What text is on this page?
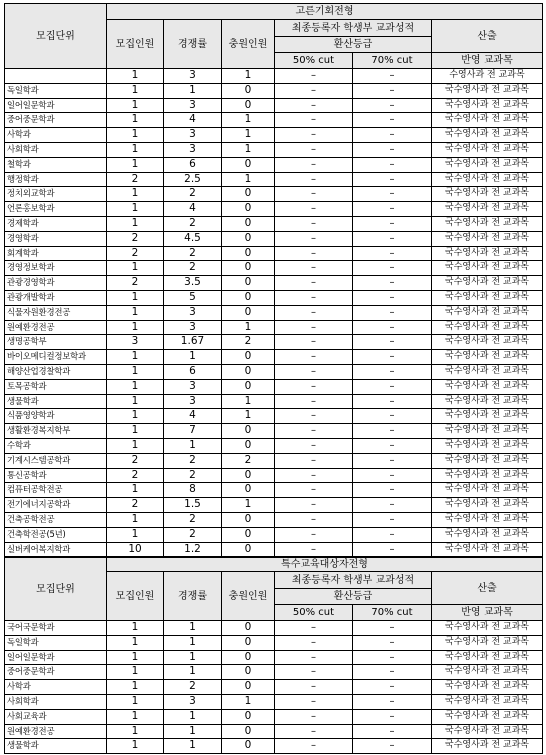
모집단위	고른기회전형					
	모집인원	경쟁률	충원인원	최종등록자 학생부 교과성적		산출
				환산등급		
				50% cut	70% cut	반영 교과목
	1	3	1	–	–	수영사과 전 교과목
독일학과	1	1	0	–	–	국수영사과 전 교과목
일어일문학과	1	3	0	–	–	국수영사과 전 교과목
중어중문학과	1	4	1	–	–	국수영사과 전 교과목
사학과	1	3	1	–	–	국수영사과 전 교과목
사회학과	1	3	1	–	–	국수영사과 전 교과목
철학과	1	6	0	–	–	국수영사과 전 교과목
행정학과	2	2.5	1	–	–	국수영사과 전 교과목
정치외교학과	1	2	0	–	–	국수영사과 전 교과목
언론홍보학과	1	4	0	–	–	국수영사과 전 교과목
경제학과	1	2	0	–	–	국수영사과 전 교과목
경영학과	2	4.5	0	–	–	국수영사과 전 교과목
회계학과	2	2	0	–	–	국수영사과 전 교과목
경영정보학과	1	2	0	–	–	국수영사과 전 교과목
관광경영학과	2	3.5	0	–	–	국수영사과 전 교과목
관광개발학과	1	5	0	–	–	국수영사과 전 교과목
식물자원환경전공	1	3	0	–	–	국수영사과 전 교과목
원예환경전공	1	3	1	–	–	국수영사과 전 교과목
생명공학부	3	1.67	2	–	–	국수영사과 전 교과목
바이오메디컬정보학과	1	1	0	–	–	국수영사과 전 교과목
해양산업경찰학과	1	6	0	–	–	국수영사과 전 교과목
토목공학과	1	3	0	–	–	국수영사과 전 교과목
생물학과	1	3	1	–	–	국수영사과 전 교과목
식품영양학과	1	4	1	–	–	국수영사과 전 교과목
생활환경복지학부	1	7	0	–	–	국수영사과 전 교과목
수학과	1	1	0	–	–	국수영사과 전 교과목
기계시스템공학과	2	2	2	–	–	국수영사과 전 교과목
통신공학과	2	2	0	–	–	국수영사과 전 교과목
컴퓨터공학전공	1	8	0	–	–	국수영사과 전 교과목
전기에너지공학과	2	1.5	1	–	–	국수영사과 전 교과목
건축공학전공	1	2	0	–	–	국수영사과 전 교과목
건축학전공(5년)	1	2	0	–	–	국수영사과 전 교과목
실버케어복지학과	10	1.2	0	–	–	국수영사과 전 교과목
모집단위	특수교육대상자전형					
	모집인원	경쟁률	충원인원	최종등록자 학생부 교과성적		산출
				환산등급		
				50% cut	70% cut	반영 교과목
국어국문학과	1	1	0	–	–	국수영사과 전 교과목
독일학과	1	1	0	–	–	국수영사과 전 교과목
일어일문학과	1	1	0	–	–	국수영사과 전 교과목
중어중문학과	1	1	0	–	–	국수영사과 전 교과목
사학과	1	2	0	–	–	국수영사과 전 교과목
사회학과	1	3	1	–	–	국수영사과 전 교과목
사회교육과	1	1	0	–	–	국수영사과 전 교과목
원예환경전공	1	1	0	–	–	국수영사과 전 교과목
생물학과	1	1	0	–	–	국수영사과 전 교과목
